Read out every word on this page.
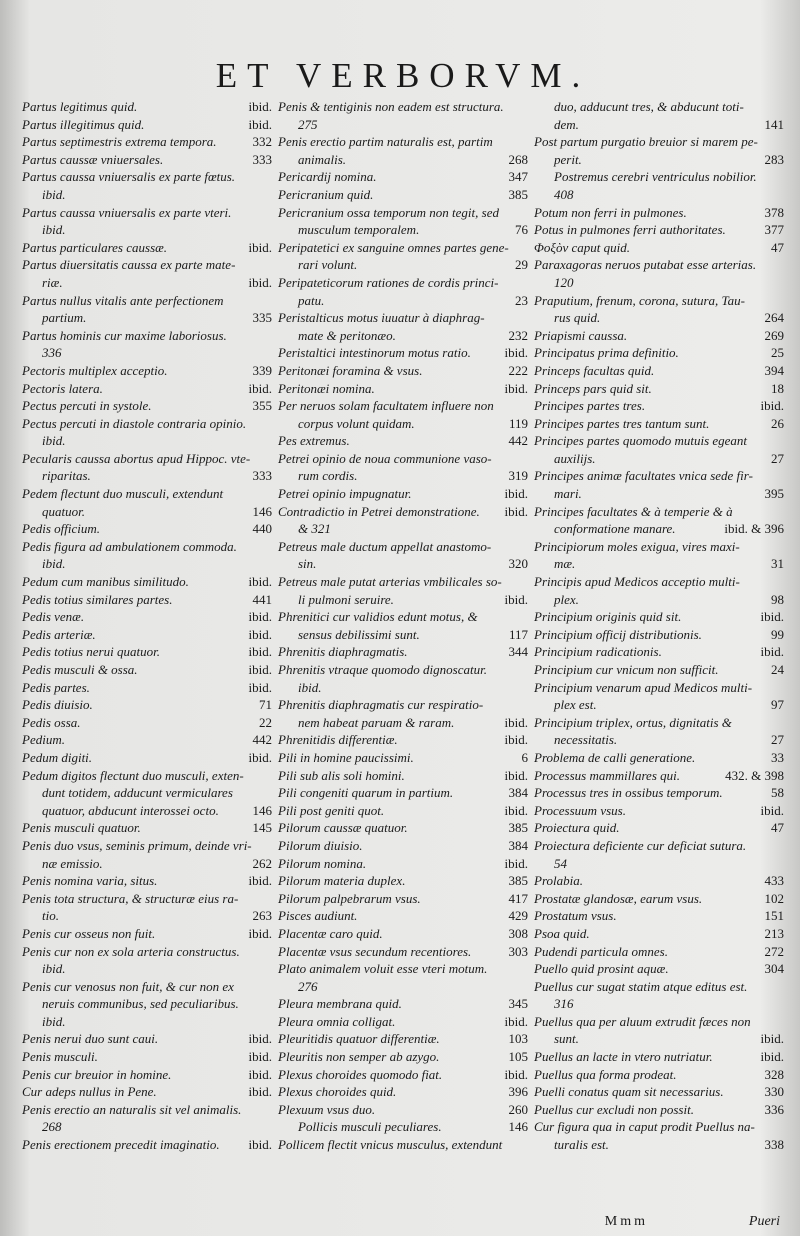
ET VERBORVM.
ibid.
Partus legitimus quid.
ibid.
Partus illegitimus quid.
332
Partus septimestris extrema tempora.
333
Partus caussæ vniuersales.
Partus caussa vniuersalis ex parte fœtus.
ibid.
Partus caussa vniuersalis ex parte vteri.
ibid.
ibid.
Partus particulares caussæ.
Partus diuersitatis caussa ex parte mate-
ibid.
riæ.
Partus nullus vitalis ante perfectionem
335
partium.
Partus hominis cur maxime laboriosus.
336
339
Pectoris multiplex acceptio.
ibid.
Pectoris latera.
355
Pectus percuti in systole.
Pectus percuti in diastole contraria opinio.
ibid.
Pecularis caussa abortus apud Hippoc. vte-
333
riparitas.
Pedem flectunt duo musculi, extendunt
146
quatuor.
440
Pedis officium.
Pedis figura ad ambulationem commoda.
ibid.
ibid.
Pedum cum manibus similitudo.
441
Pedis totius similares partes.
ibid.
Pedis venæ.
ibid.
Pedis arteriæ.
ibid.
Pedis totius nerui quatuor.
ibid.
Pedis musculi & ossa.
ibid.
Pedis partes.
71
Pedis diuisio.
22
Pedis ossa.
442
Pedium.
ibid.
Pedum digiti.
Pedum digitos flectunt duo musculi, exten-
dunt totidem, adducunt vermiculares
146
quatuor, abducunt interossei octo.
145
Penis musculi quatuor.
Penis duo vsus, seminis primum, deinde vri-
262
næ emissio.
ibid.
Penis nomina varia, situs.
Penis tota structura, & structuræ eius ra-
263
tio.
ibid.
Penis cur osseus non fuit.
Penis cur non ex sola arteria constructus.
ibid.
Penis cur venosus non fuit, & cur non ex
neruis communibus, sed peculiaribus.
ibid.
ibid.
Penis nerui duo sunt caui.
ibid.
Penis musculi.
ibid.
Penis cur breuior in homine.
ibid.
Cur adeps nullus in Pene.
Penis erectio an naturalis sit vel animalis.
268
ibid.
Penis erectionem precedit imaginatio.
Penis & tentiginis non eadem est structura.
275
Penis erectio partim naturalis est, partim
268
animalis.
347
Pericardij nomina.
385
Pericranium quid.
Pericranium ossa temporum non tegit, sed
76
musculum temporalem.
Peripatetici ex sanguine omnes partes gene-
29
rari volunt.
Peripateticorum rationes de cordis princi-
23
patu.
Peristalticus motus iuuatur à diaphrag-
232
mate & peritonæo.
ibid.
Peristaltici intestinorum motus ratio.
222
Peritonæi foramina & vsus.
ibid.
Peritonæi nomina.
Per neruos solam facultatem influere non
119
corpus volunt quidam.
442
Pes extremus.
Petrei opinio de noua communione vaso-
319
rum cordis.
ibid.
Petrei opinio impugnatur.
ibid.
Contradictio in Petrei demonstratione.
& 321
Petreus male ductum appellat anastomo-
320
sin.
Petreus male putat arterias vmbilicales so-
ibid.
li pulmoni seruire.
Phrenitici cur validios edunt motus, &
117
sensus debilissimi sunt.
344
Phrenitis diaphragmatis.
Phrenitis vtraque quomodo dignoscatur.
ibid.
Phrenitis diaphragmatis cur respiratio-
ibid.
nem habeat paruam & raram.
ibid.
Phrenitidis differentiæ.
6
Pili in homine paucissimi.
ibid.
Pili sub alis soli homini.
384
Pili congeniti quarum in partium.
ibid.
Pili post geniti quot.
385
Pilorum caussæ quatuor.
384
Pilorum diuisio.
ibid.
Pilorum nomina.
385
Pilorum materia duplex.
417
Pilorum palpebrarum vsus.
429
Pisces audiunt.
308
Placentæ caro quid.
303
Placentæ vsus secundum recentiores.
Plato animalem voluit esse vteri motum.
276
345
Pleura membrana quid.
ibid.
Pleura omnia colligat.
103
Pleuritidis quatuor differentiæ.
105
Pleuritis non semper ab azygo.
ibid.
Plexus choroides quomodo fiat.
396
Plexus choroides quid.
260
Plexuum vsus duo.
146
Pollicis musculi peculiares.
Pollicem flectit vnicus musculus, extendunt
duo, adducunt tres, & abducunt toti-
141
dem.
Post partum purgatio breuior si marem pe-
283
perit.
Postremus cerebri ventriculus nobilior.
408
378
Potum non ferri in pulmones.
377
Potus in pulmones ferri authoritates.
47
Φοξὸν caput quid.
Paraxagoras neruos putabat esse arterias.
120
Praputium, frenum, corona, sutura, Tau-
264
rus quid.
269
Priapismi caussa.
25
Principatus prima definitio.
394
Princeps facultas quid.
18
Princeps pars quid sit.
ibid.
Principes partes tres.
26
Principes partes tres tantum sunt.
Principes partes quomodo mutuis egeant
27
auxilijs.
Principes animæ facultates vnica sede fir-
395
mari.
Principes facultates & à temperie & à
ibid. & 396
conformatione manare.
Principiorum moles exigua, vires maxi-
31
mæ.
Principis apud Medicos acceptio multi-
98
plex.
ibid.
Principium originis quid sit.
99
Principium officij distributionis.
ibid.
Principium radicationis.
24
Principium cur vnicum non sufficit.
Principium venarum apud Medicos multi-
97
plex est.
Principium triplex, ortus, dignitatis &
27
necessitatis.
33
Problema de calli generatione.
432. & 398
Processus mammillares qui.
58
Processus tres in ossibus temporum.
ibid.
Processuum vsus.
47
Proiectura quid.
Proiectura deficiente cur deficiat sutura.
54
433
Prolabia.
102
Prostatæ glandosæ, earum vsus.
151
Prostatum vsus.
213
Psoa quid.
272
Pudendi particula omnes.
304
Puello quid prosint aquæ.
Puellus cur sugat statim atque editus est.
316
Puellus qua per aluum extrudit fæces non
ibid.
sunt.
ibid.
Puellus an lacte in vtero nutriatur.
328
Puellus qua forma prodeat.
330
Puelli conatus quam sit necessarius.
336
Puellus cur excludi non possit.
Cur figura qua in caput prodit Puellus na-
338
turalis est.
Mmm	Pueri
